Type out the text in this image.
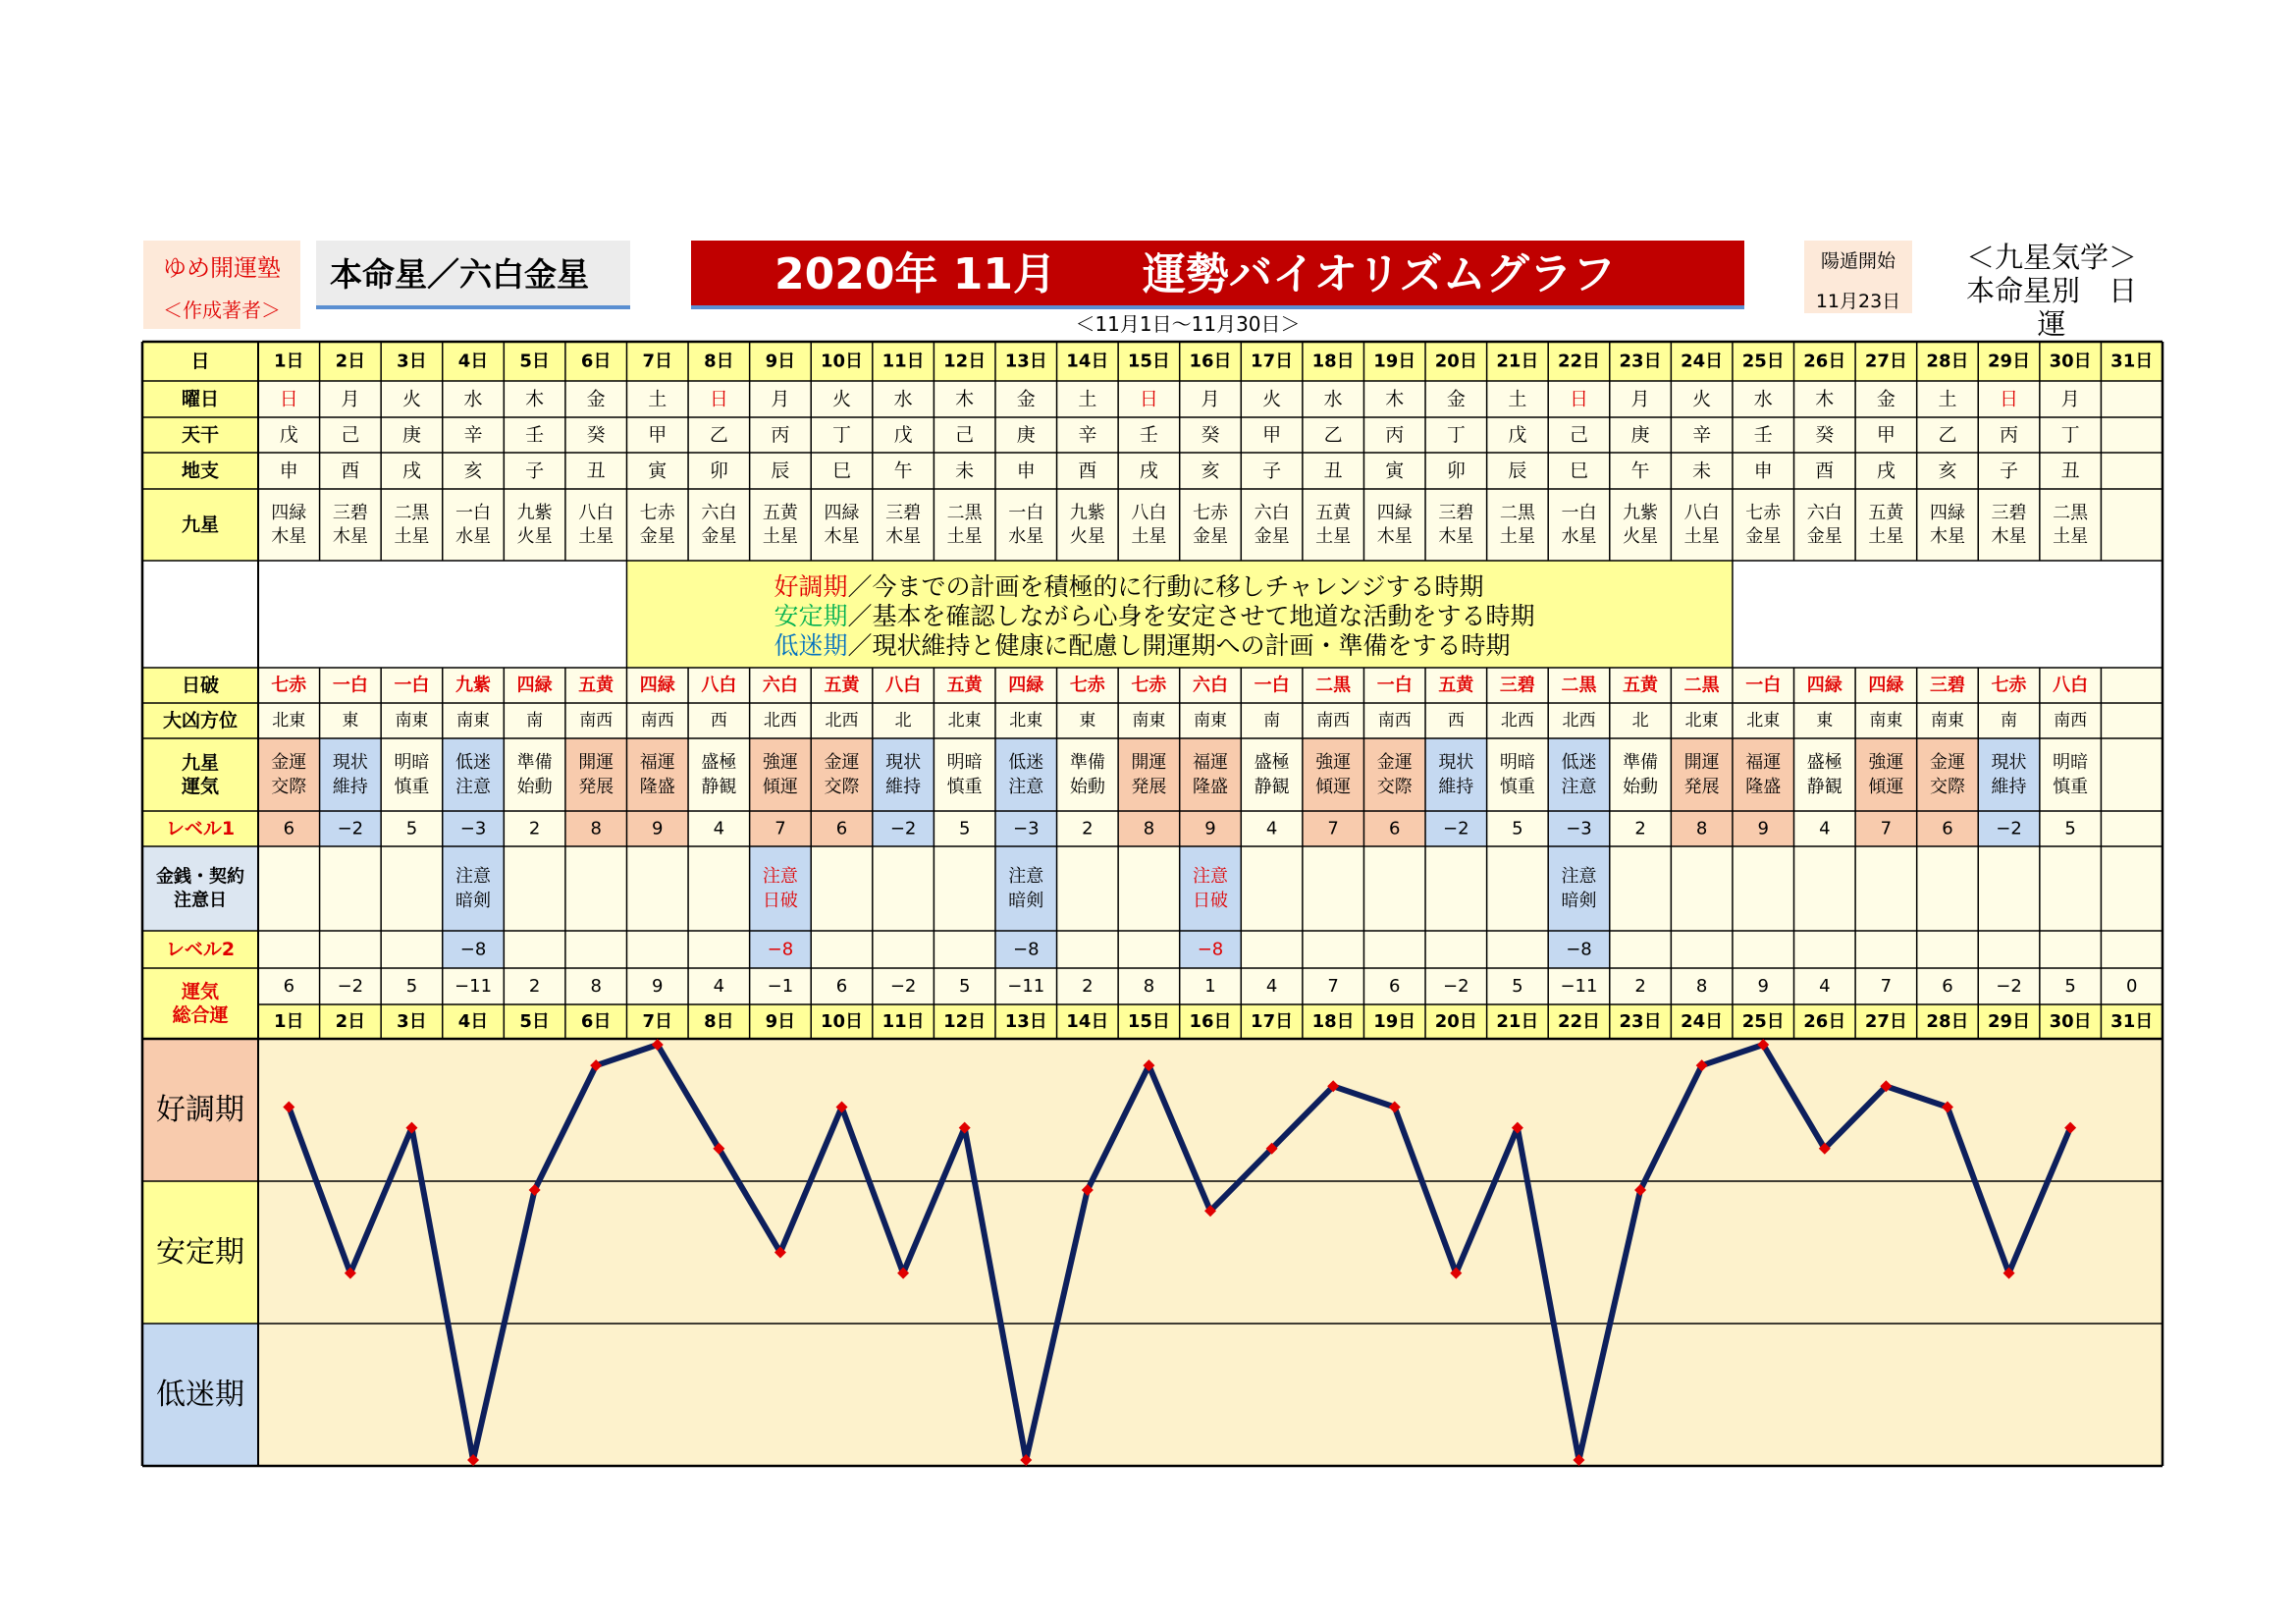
ゆめ開運塾
＜作成著者＞
本命星／六白金星	2020年 11月　　運勢バイオリズムグラフ
＜11月1日～11月30日＞
陽遁開始
11月23日
＜九星気学＞
本命星別　日運
好調期／今までの計画を積極的に行動に移しチャレンジする時期
安定期／基本を確認しながら心身を安定させて地道な活動をする時期
低迷期／現状維持と健康に配慮し開運期への計画・準備をする時期
日
曜日
天干
地支
九星
日破
大凶方位
九星運気
レベル1
金銭・契約注意日
レベル2
運気総合運
1日
1日
日
戊
申
四緑木星
七赤
北東
金運交際
6
6
2日
2日
月
己
酉
三碧木星
一白
東
現状維持
−2
−2
3日
3日
火
庚
戌
二黒土星
一白
南東
明暗慎重
5
5
4日
4日
水
辛
亥
一白水星
九紫
南東
低迷注意
−3
注意暗剣
−8
−11
5日
5日
木
壬
子
九紫火星
四緑
南
準備始動
2
2
6日
6日
金
癸
丑
八白土星
五黄
南西
開運発展
8
8
7日
7日
土
甲
寅
七赤金星
四緑
南西
福運隆盛
9
9
8日
8日
日
乙
卯
六白金星
八白
西
盛極静観
4
4
9日
9日
月
丙
辰
五黄土星
六白
北西
強運傾運
7
注意日破
−8
−1
10日
10日
火
丁
巳
四緑木星
五黄
北西
金運交際
6
6
11日
11日
水
戊
午
三碧木星
八白
北
現状維持
−2
−2
12日
12日
木
己
未
二黒土星
五黄
北東
明暗慎重
5
5
13日
13日
金
庚
申
一白水星
四緑
北東
低迷注意
−3
注意暗剣
−8
−11
14日
14日
土
辛
酉
九紫火星
七赤
東
準備始動
2
2
15日
15日
日
壬
戌
八白土星
七赤
南東
開運発展
8
8
16日
16日
月
癸
亥
七赤金星
六白
南東
福運隆盛
9
注意日破
−8
1
17日
17日
火
甲
子
六白金星
一白
南
盛極静観
4
4
18日
18日
水
乙
丑
五黄土星
二黒
南西
強運傾運
7
7
19日
19日
木
丙
寅
四緑木星
一白
南西
金運交際
6
6
20日
20日
金
丁
卯
三碧木星
五黄
西
現状維持
−2
−2
21日
21日
土
戊
辰
二黒土星
三碧
北西
明暗慎重
5
5
22日
22日
日
己
巳
一白水星
二黒
北西
低迷注意
−3
注意暗剣
−8
−11
23日
23日
月
庚
午
九紫火星
五黄
北
準備始動
2
2
24日
24日
火
辛
未
八白土星
二黒
北東
開運発展
8
8
25日
25日
水
壬
申
七赤金星
一白
北東
福運隆盛
9
9
26日
26日
木
癸
酉
六白金星
四緑
東
盛極静観
4
4
27日
27日
金
甲
戌
五黄土星
四緑
南東
強運傾運
7
7
28日
28日
土
乙
亥
四緑木星
三碧
南東
金運交際
6
6
29日
29日
日
丙
子
三碧木星
七赤
南
現状維持
−2
−2
30日
30日
月
丁
丑
二黒土星
八白
南西
明暗慎重
5
5
31日
31日
0
好調期
安定期
低迷期
